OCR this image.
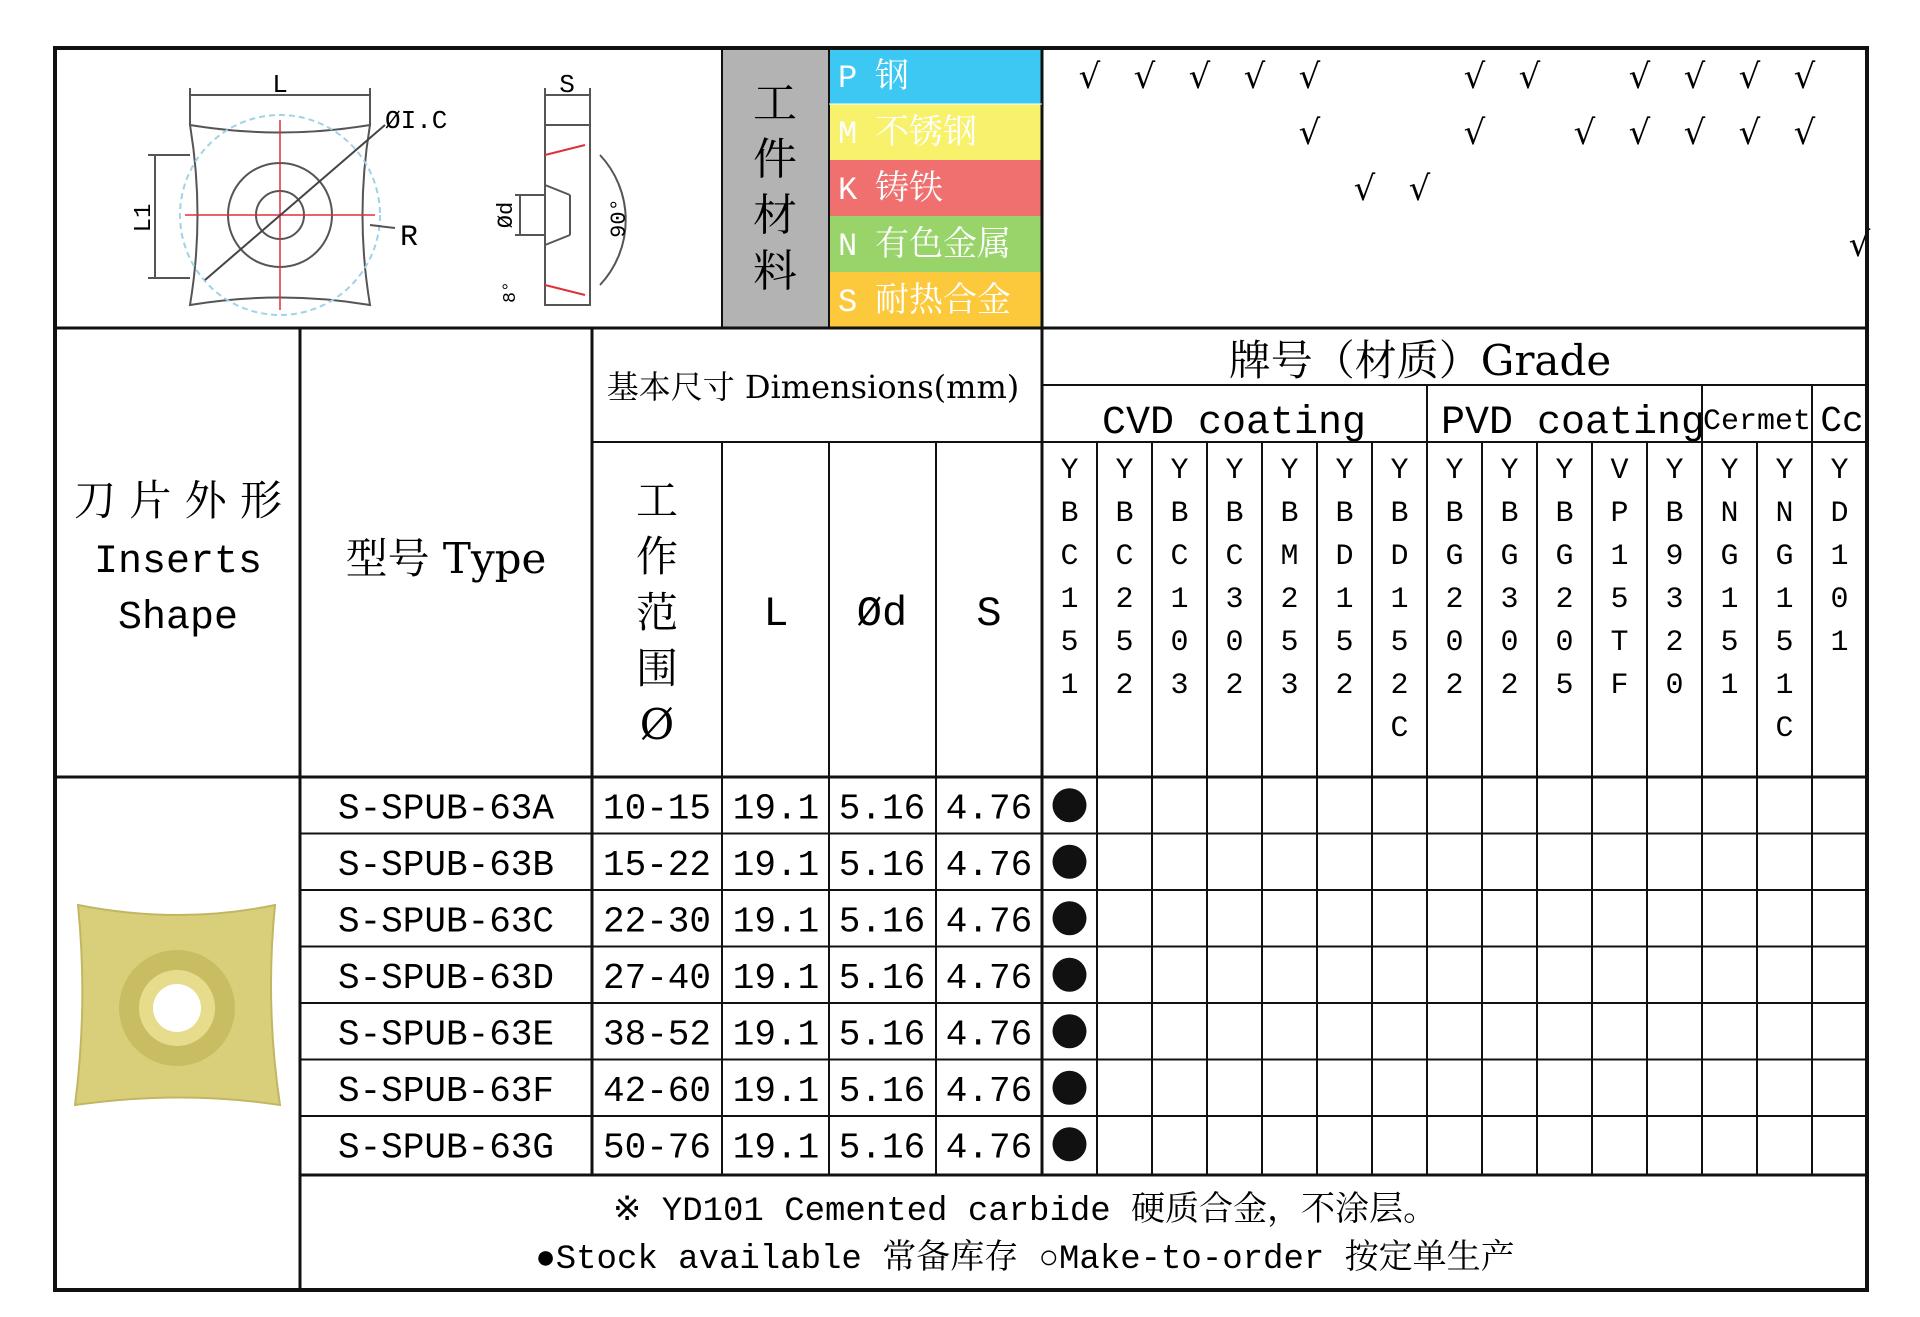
L
ØI.C
L1
R
S
Ød	90°
8°
工
件
材
料
P 钢
M 不锈钢
K 铸铁
N 有色金属
S 耐热合金
√ √ √ √ √
√
√ √
√
√
√
√
√
√
√
√
√
√
√
√
√
刀 片 外 形
Inserts
Shape
型号 Type
基本尺寸 Dimensions(mm)
工
作
范
围
Ø
L Ød S
牌号（材质）Grade
CVD coating PVD coating
Cermet Cc
Y
B
C
1
5
1
Y
B
C
2
5
2
Y
B
C
1
0
3
Y
B
C
3
0
2
Y
B
M
2
5
3
Y
B
D
1
5
2
Y
B
D
1
5
2
C
Y
B
G
2
0
2
Y
B
G
3
0
2
Y
B
G
2
0
5
V
P
1
5
T
F
Y
B
9
3
2
0
Y
N
G
1
5
1
Y
N
G
1
5
1
C
Y
D
1
0
1
S-SPUB-63A 10-15 19.1 5.16 4.76
S-SPUB-63B 15-22 19.1 5.16 4.76
S-SPUB-63C 22-30 19.1 5.16 4.76
S-SPUB-63D 27-40 19.1 5.16 4.76
S-SPUB-63E 38-52 19.1 5.16 4.76
S-SPUB-63F 42-60 19.1 5.16 4.76
S-SPUB-63G 50-76 19.1 5.16 4.76
※ YD101 Cemented carbide 硬质合金，不涂层。
●Stock available 常备库存 ○Make-to-order 按定单生产
